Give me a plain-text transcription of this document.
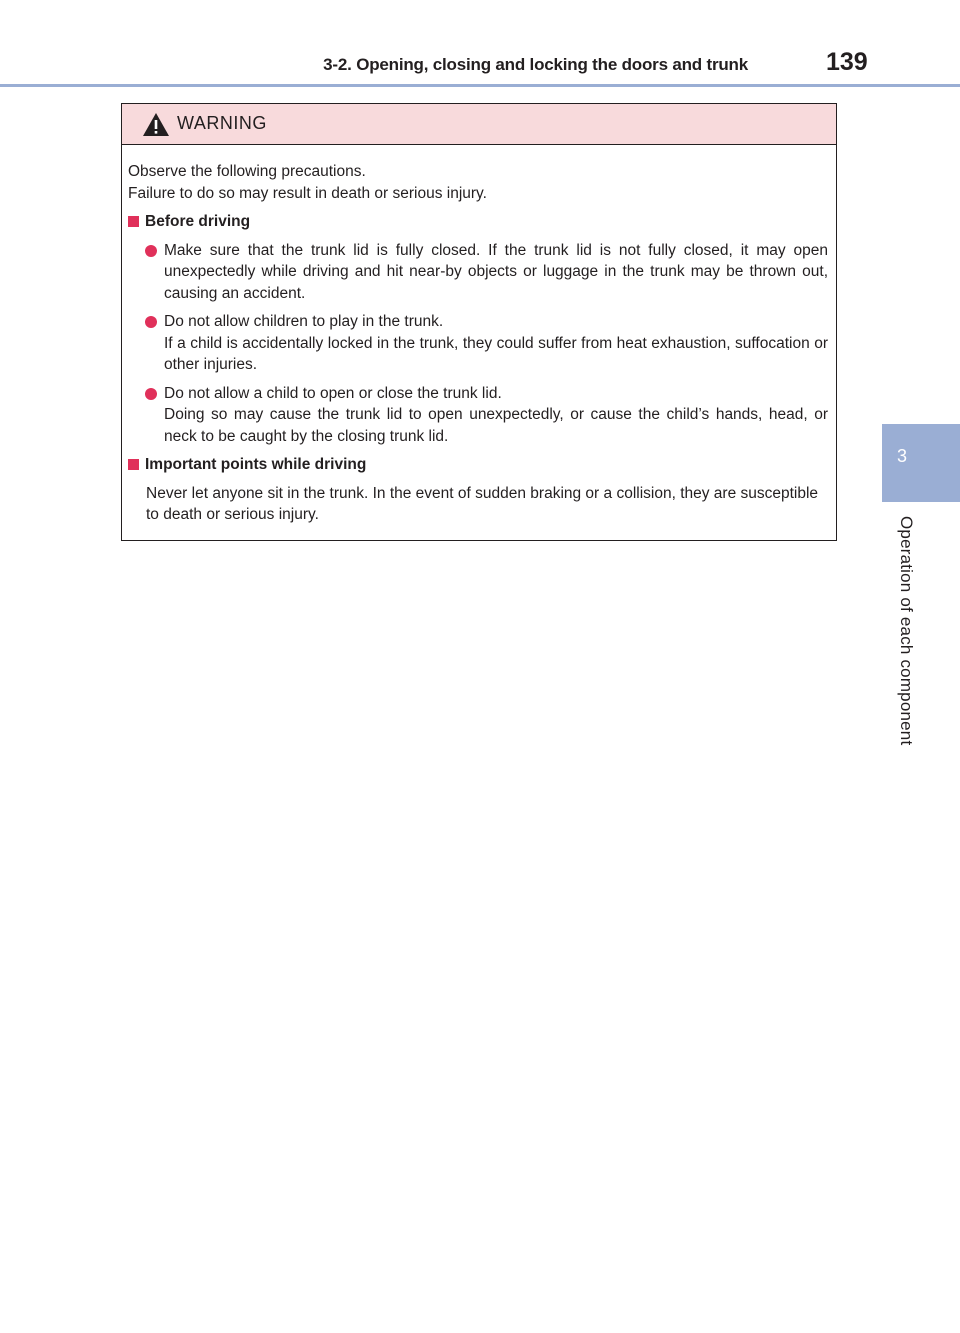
3-2. Opening, closing and locking the doors and trunk	139
3
Operation of each component
WARNING

Observe the following precautions.

Failure to do so may result in death or serious injury.

Before driving

Make sure that the trunk lid is fully closed. If the trunk lid is not fully closed, it may open unexpectedly while driving and hit near-by objects or luggage in the trunk may be thrown out, causing an accident.

Do not allow children to play in the trunk.

If a child is accidentally locked in the trunk, they could suffer from heat exhaustion, suffocation or other injuries.

Do not allow a child to open or close the trunk lid.

Doing so may cause the trunk lid to open unexpectedly, or cause the child’s hands, head, or neck to be caught by the closing trunk lid.

Important points while driving

Never let anyone sit in the trunk. In the event of sudden braking or a collision, they are susceptible to death or serious injury.
